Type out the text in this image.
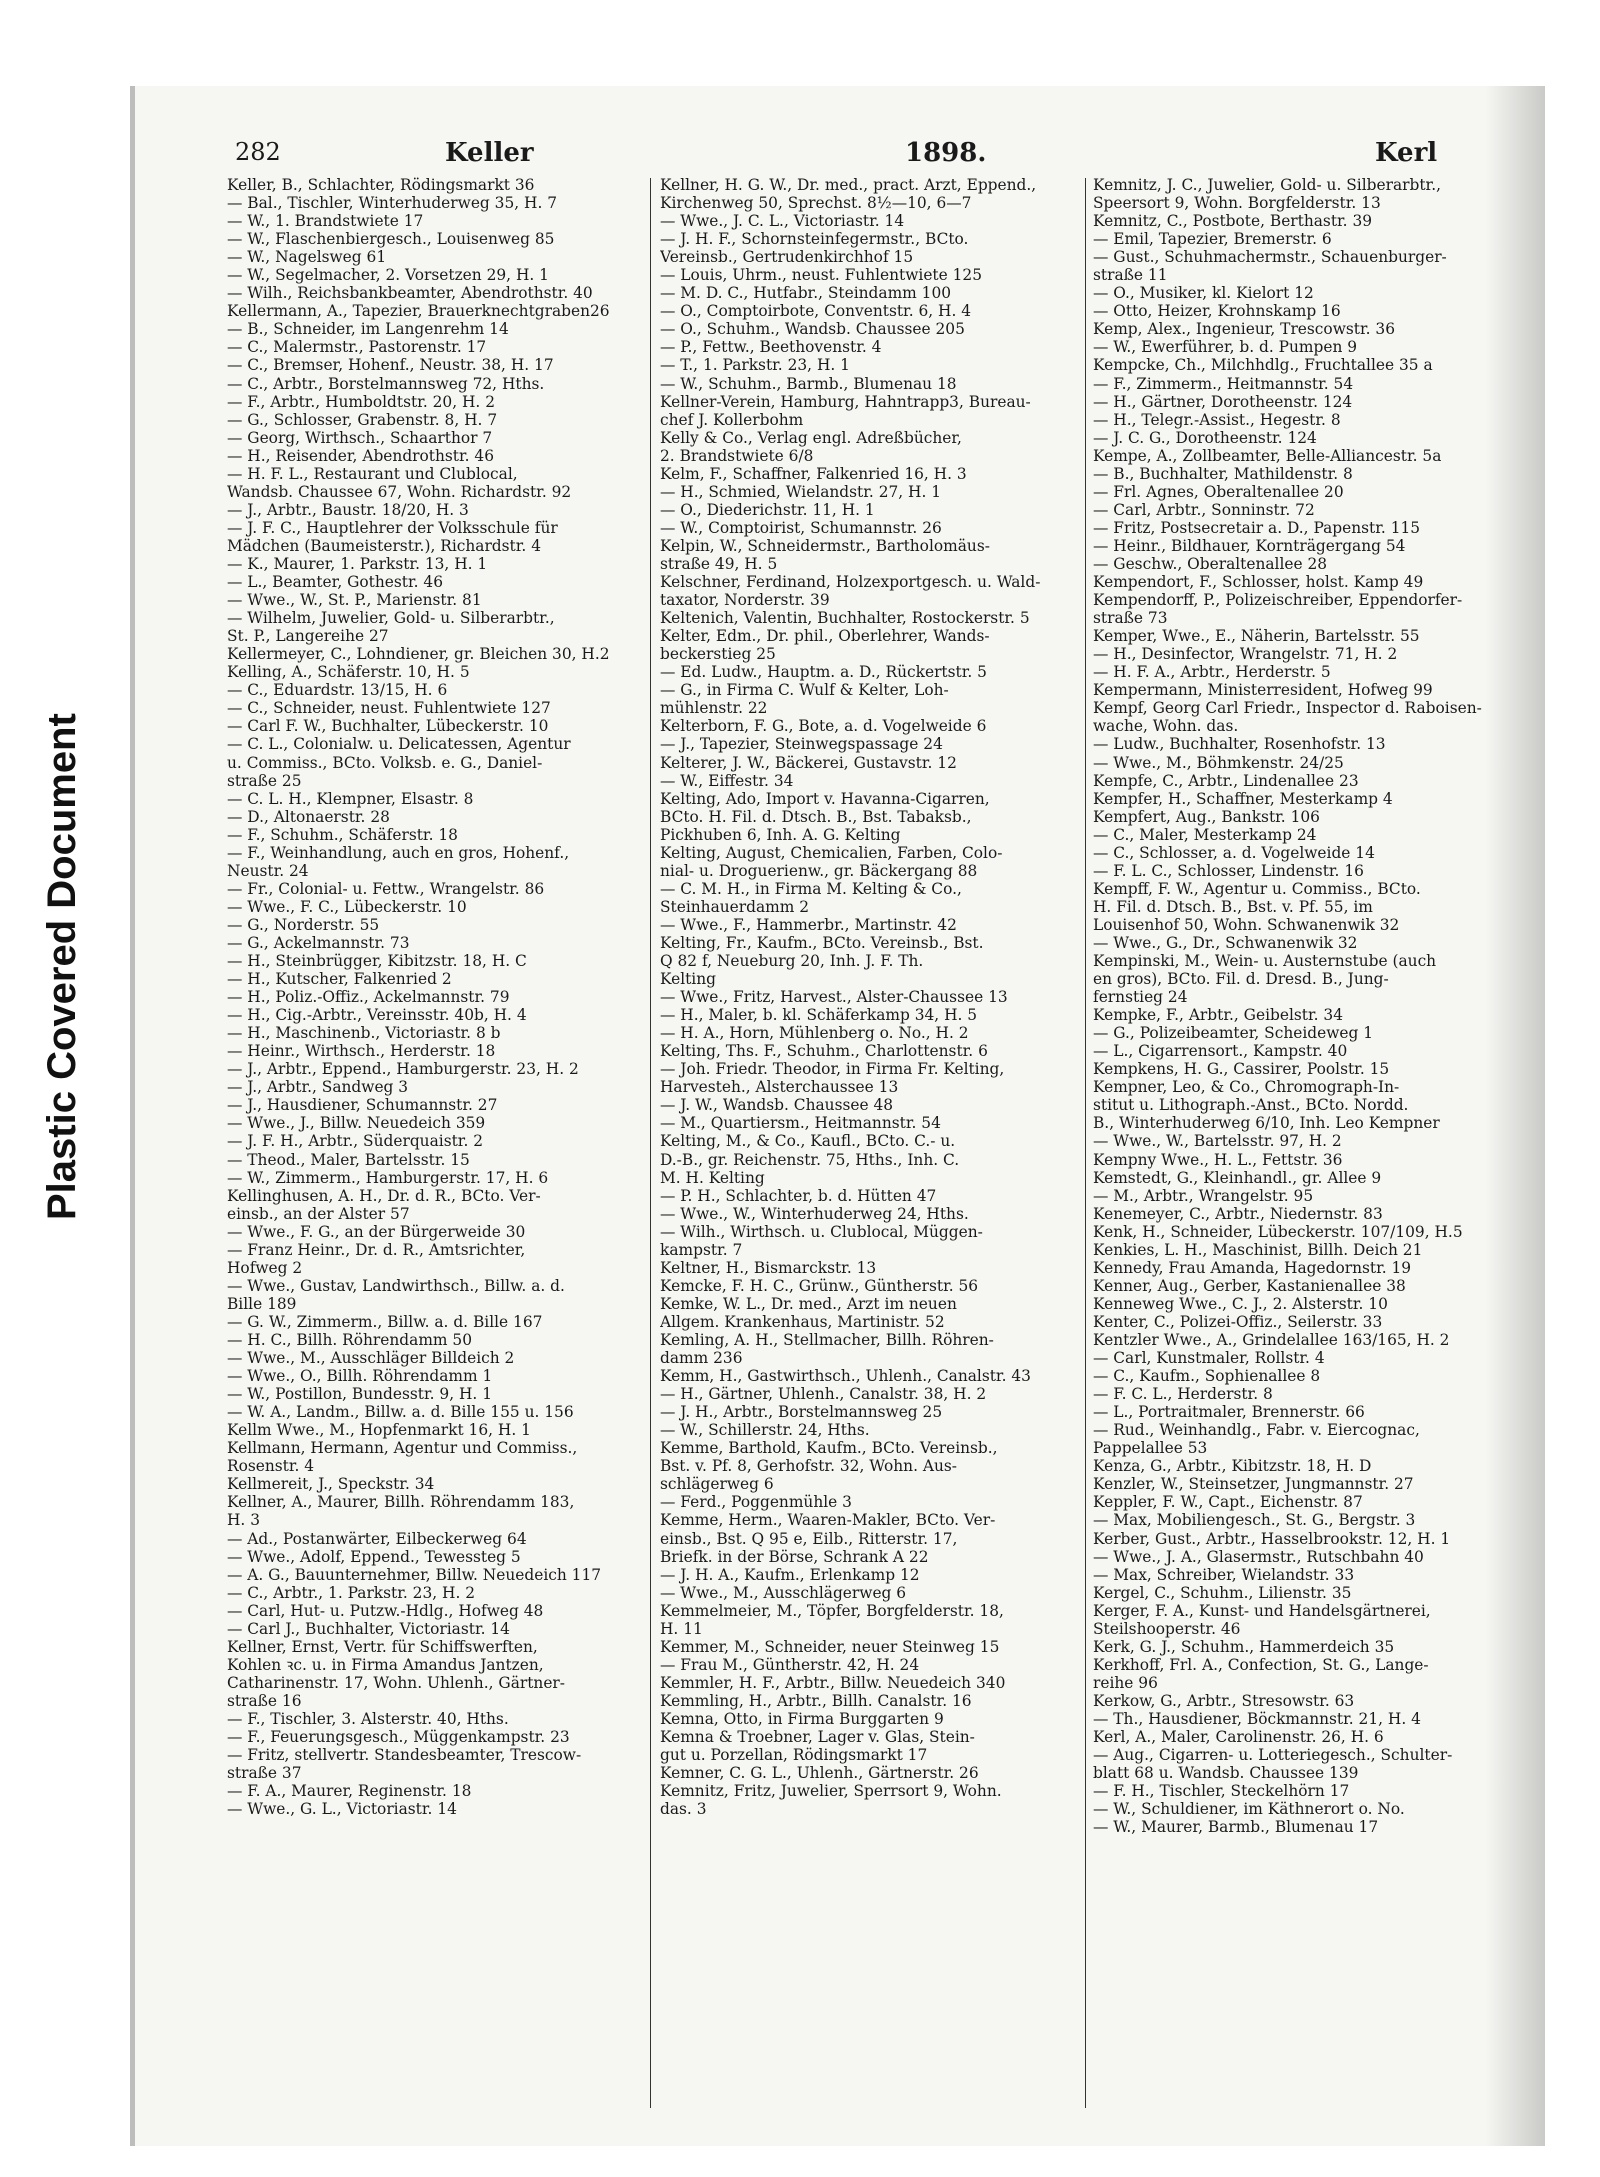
Plastic Covered Document
282	Keller	1898.	Kerl
Keller, B., Schlachter, Rödingsmarkt 36
— Bal., Tischler, Winterhuderweg 35, H. 7
— W., 1. Brandstwiete 17
— W., Flaschenbiergesch., Louisenweg 85
— W., Nagelsweg 61
— W., Segelmacher, 2. Vorsetzen 29, H. 1
— Wilh., Reichsbankbeamter, Abendrothstr. 40
Kellermann, A., Tapezier, Brauerknechtgraben26
— B., Schneider, im Langenrehm 14
— C., Malermstr., Pastorenstr. 17
— C., Bremser, Hohenf., Neustr. 38, H. 17
— C., Arbtr., Borstelmannsweg 72, Hths.
— F., Arbtr., Humboldtstr. 20, H. 2
— G., Schlosser, Grabenstr. 8, H. 7
— Georg, Wirthsch., Schaarthor 7
— H., Reisender, Abendrothstr. 46
— H. F. L., Restaurant und Clublocal,
Wandsb. Chaussee 67, Wohn. Richardstr. 92
— J., Arbtr., Baustr. 18/20, H. 3
— J. F. C., Hauptlehrer der Volksschule für
Mädchen (Baumeisterstr.), Richardstr. 4
— K., Maurer, 1. Parkstr. 13, H. 1
— L., Beamter, Gothestr. 46
— Wwe., W., St. P., Marienstr. 81
— Wilhelm, Juwelier, Gold- u. Silberarbtr.,
St. P., Langereihe 27
Kellermeyer, C., Lohndiener, gr. Bleichen 30, H.2
Kelling, A., Schäferstr. 10, H. 5
— C., Eduardstr. 13/15, H. 6
— C., Schneider, neust. Fuhlentwiete 127
— Carl F. W., Buchhalter, Lübeckerstr. 10
— C. L., Colonialw. u. Delicatessen, Agentur
u. Commiss., BCto. Volksb. e. G., Daniel-
straße 25
— C. L. H., Klempner, Elsastr. 8
— D., Altonaerstr. 28
— F., Schuhm., Schäferstr. 18
— F., Weinhandlung, auch en gros, Hohenf.,
Neustr. 24
— Fr., Colonial- u. Fettw., Wrangelstr. 86
— Wwe., F. C., Lübeckerstr. 10
— G., Norderstr. 55
— G., Ackelmannstr. 73
— H., Steinbrügger, Kibitzstr. 18, H. C
— H., Kutscher, Falkenried 2
— H., Poliz.-Offiz., Ackelmannstr. 79
— H., Cig.-Arbtr., Vereinsstr. 40b, H. 4
— H., Maschinenb., Victoriastr. 8 b
— Heinr., Wirthsch., Herderstr. 18
— J., Arbtr., Eppend., Hamburgerstr. 23, H. 2
— J., Arbtr., Sandweg 3
— J., Hausdiener, Schumannstr. 27
— Wwe., J., Billw. Neuedeich 359
— J. F. H., Arbtr., Süderquaistr. 2
— Theod., Maler, Bartelsstr. 15
— W., Zimmerm., Hamburgerstr. 17, H. 6
Kellinghusen, A. H., Dr. d. R., BCto. Ver-
einsb., an der Alster 57
— Wwe., F. G., an der Bürgerweide 30
— Franz Heinr., Dr. d. R., Amtsrichter,
Hofweg 2
— Wwe., Gustav, Landwirthsch., Billw. a. d.
Bille 189
— G. W., Zimmerm., Billw. a. d. Bille 167
— H. C., Billh. Röhrendamm 50
— Wwe., M., Ausschläger Billdeich 2
— Wwe., O., Billh. Röhrendamm 1
— W., Postillon, Bundesstr. 9, H. 1
— W. A., Landm., Billw. a. d. Bille 155 u. 156
Kellm Wwe., M., Hopfenmarkt 16, H. 1
Kellmann, Hermann, Agentur und Commiss.,
Rosenstr. 4
Kellmereit, J., Speckstr. 34
Kellner, A., Maurer, Billh. Röhrendamm 183,
H. 3
— Ad., Postanwärter, Eilbeckerweg 64
— Wwe., Adolf, Eppend., Tewessteg 5
— A. G., Bauunternehmer, Billw. Neuedeich 117
— C., Arbtr., 1. Parkstr. 23, H. 2
— Carl, Hut- u. Putzw.-Hdlg., Hofweg 48
— Carl J., Buchhalter, Victoriastr. 14
Kellner, Ernst, Vertr. für Schiffswerften,
Kohlen ꝛc. u. in Firma Amandus Jantzen,
Catharinenstr. 17, Wohn. Uhlenh., Gärtner-
straße 16
— F., Tischler, 3. Alsterstr. 40, Hths.
— F., Feuerungsgesch., Müggenkampstr. 23
— Fritz, stellvertr. Standesbeamter, Trescow-
straße 37
— F. A., Maurer, Reginenstr. 18
— Wwe., G. L., Victoriastr. 14
Kellner, H. G. W., Dr. med., pract. Arzt, Eppend.,
Kirchenweg 50, Sprechst. 8½—10, 6—7
— Wwe., J. C. L., Victoriastr. 14
— J. H. F., Schornsteinfegermstr., BCto.
Vereinsb., Gertrudenkirchhof 15
— Louis, Uhrm., neust. Fuhlentwiete 125
— M. D. C., Hutfabr., Steindamm 100
— O., Comptoirbote, Conventstr. 6, H. 4
— O., Schuhm., Wandsb. Chaussee 205
— P., Fettw., Beethovenstr. 4
— T., 1. Parkstr. 23, H. 1
— W., Schuhm., Barmb., Blumenau 18
Kellner-Verein, Hamburg, Hahntrapp3, Bureau-
chef J. Kollerbohm
Kelly & Co., Verlag engl. Adreßbücher,
2. Brandstwiete 6/8
Kelm, F., Schaffner, Falkenried 16, H. 3
— H., Schmied, Wielandstr. 27, H. 1
— O., Diederichstr. 11, H. 1
— W., Comptoirist, Schumannstr. 26
Kelpin, W., Schneidermstr., Bartholomäus-
straße 49, H. 5
Kelschner, Ferdinand, Holzexportgesch. u. Wald-
taxator, Norderstr. 39
Keltenich, Valentin, Buchhalter, Rostockerstr. 5
Kelter, Edm., Dr. phil., Oberlehrer, Wands-
beckerstieg 25
— Ed. Ludw., Hauptm. a. D., Rückertstr. 5
— G., in Firma C. Wulf & Kelter, Loh-
mühlenstr. 22
Kelterborn, F. G., Bote, a. d. Vogelweide 6
— J., Tapezier, Steinwegspassage 24
Kelterer, J. W., Bäckerei, Gustavstr. 12
— W., Eiffestr. 34
Kelting, Ado, Import v. Havanna-Cigarren,
BCto. H. Fil. d. Dtsch. B., Bst. Tabaksb.,
Pickhuben 6, Inh. A. G. Kelting
Kelting, August, Chemicalien, Farben, Colo-
nial- u. Droguerienw., gr. Bäckergang 88
— C. M. H., in Firma M. Kelting & Co.,
Steinhauerdamm 2
— Wwe., F., Hammerbr., Martinstr. 42
Kelting, Fr., Kaufm., BCto. Vereinsb., Bst.
Q 82 f, Neueburg 20, Inh. J. F. Th.
Kelting
— Wwe., Fritz, Harvest., Alster-Chaussee 13
— H., Maler, b. kl. Schäferkamp 34, H. 5
— H. A., Horn, Mühlenberg o. No., H. 2
Kelting, Ths. F., Schuhm., Charlottenstr. 6
— Joh. Friedr. Theodor, in Firma Fr. Kelting,
Harvesteh., Alsterchaussee 13
— J. W., Wandsb. Chaussee 48
— M., Quartiersm., Heitmannstr. 54
Kelting, M., & Co., Kaufl., BCto. C.- u.
D.-B., gr. Reichenstr. 75, Hths., Inh. C.
M. H. Kelting
— P. H., Schlachter, b. d. Hütten 47
— Wwe., W., Winterhuderweg 24, Hths.
— Wilh., Wirthsch. u. Clublocal, Müggen-
kampstr. 7
Keltner, H., Bismarckstr. 13
Kemcke, F. H. C., Grünw., Güntherstr. 56
Kemke, W. L., Dr. med., Arzt im neuen
Allgem. Krankenhaus, Martinistr. 52
Kemling, A. H., Stellmacher, Billh. Röhren-
damm 236
Kemm, H., Gastwirthsch., Uhlenh., Canalstr. 43
— H., Gärtner, Uhlenh., Canalstr. 38, H. 2
— J. H., Arbtr., Borstelmannsweg 25
— W., Schillerstr. 24, Hths.
Kemme, Barthold, Kaufm., BCto. Vereinsb.,
Bst. v. Pf. 8, Gerhofstr. 32, Wohn. Aus-
schlägerweg 6
— Ferd., Poggenmühle 3
Kemme, Herm., Waaren-Makler, BCto. Ver-
einsb., Bst. Q 95 e, Eilb., Ritterstr. 17,
Briefk. in der Börse, Schrank A 22
— J. H. A., Kaufm., Erlenkamp 12
— Wwe., M., Ausschlägerweg 6
Kemmelmeier, M., Töpfer, Borgfelderstr. 18,
H. 11
Kemmer, M., Schneider, neuer Steinweg 15
— Frau M., Güntherstr. 42, H. 24
Kemmler, H. F., Arbtr., Billw. Neuedeich 340
Kemmling, H., Arbtr., Billh. Canalstr. 16
Kemna, Otto, in Firma Burggarten 9
Kemna & Troebner, Lager v. Glas, Stein-
gut u. Porzellan, Rödingsmarkt 17
Kemner, C. G. L., Uhlenh., Gärtnerstr. 26
Kemnitz, Fritz, Juwelier, Sperrsort 9, Wohn.
das. 3
Kemnitz, J. C., Juwelier, Gold- u. Silberarbtr.,
Speersort 9, Wohn. Borgfelderstr. 13
Kemnitz, C., Postbote, Berthastr. 39
— Emil, Tapezier, Bremerstr. 6
— Gust., Schuhmachermstr., Schauenburger-
straße 11
— O., Musiker, kl. Kielort 12
— Otto, Heizer, Krohnskamp 16
Kemp, Alex., Ingenieur, Trescowstr. 36
— W., Ewerführer, b. d. Pumpen 9
Kempcke, Ch., Milchhdlg., Fruchtallee 35 a
— F., Zimmerm., Heitmannstr. 54
— H., Gärtner, Dorotheenstr. 124
— H., Telegr.-Assist., Hegestr. 8
— J. C. G., Dorotheenstr. 124
Kempe, A., Zollbeamter, Belle-Alliancestr. 5a
— B., Buchhalter, Mathildenstr. 8
— Frl. Agnes, Oberaltenallee 20
— Carl, Arbtr., Sonninstr. 72
— Fritz, Postsecretair a. D., Papenstr. 115
— Heinr., Bildhauer, Kornträgergang 54
— Geschw., Oberaltenallee 28
Kempendort, F., Schlosser, holst. Kamp 49
Kempendorff, P., Polizeischreiber, Eppendorfer-
straße 73
Kemper, Wwe., E., Näherin, Bartelsstr. 55
— H., Desinfector, Wrangelstr. 71, H. 2
— H. F. A., Arbtr., Herderstr. 5
Kempermann, Ministerresident, Hofweg 99
Kempf, Georg Carl Friedr., Inspector d. Raboisen-
wache, Wohn. das.
— Ludw., Buchhalter, Rosenhofstr. 13
— Wwe., M., Böhmkenstr. 24/25
Kempfe, C., Arbtr., Lindenallee 23
Kempfer, H., Schaffner, Mesterkamp 4
Kempfert, Aug., Bankstr. 106
— C., Maler, Mesterkamp 24
— C., Schlosser, a. d. Vogelweide 14
— F. L. C., Schlosser, Lindenstr. 16
Kempff, F. W., Agentur u. Commiss., BCto.
H. Fil. d. Dtsch. B., Bst. v. Pf. 55, im
Louisenhof 50, Wohn. Schwanenwik 32
— Wwe., G., Dr., Schwanenwik 32
Kempinski, M., Wein- u. Austernstube (auch
en gros), BCto. Fil. d. Dresd. B., Jung-
fernstieg 24
Kempke, F., Arbtr., Geibelstr. 34
— G., Polizeibeamter, Scheideweg 1
— L., Cigarrensort., Kampstr. 40
Kempkens, H. G., Cassirer, Poolstr. 15
Kempner, Leo, & Co., Chromograph-In-
stitut u. Lithograph.-Anst., BCto. Nordd.
B., Winterhuderweg 6/10, Inh. Leo Kempner
— Wwe., W., Bartelsstr. 97, H. 2
Kempny Wwe., H. L., Fettstr. 36
Kemstedt, G., Kleinhandl., gr. Allee 9
— M., Arbtr., Wrangelstr. 95
Kenemeyer, C., Arbtr., Niedernstr. 83
Kenk, H., Schneider, Lübeckerstr. 107/109, H.5
Kenkies, L. H., Maschinist, Billh. Deich 21
Kennedy, Frau Amanda, Hagedornstr. 19
Kenner, Aug., Gerber, Kastanienallee 38
Kenneweg Wwe., C. J., 2. Alsterstr. 10
Kenter, C., Polizei-Offiz., Seilerstr. 33
Kentzler Wwe., A., Grindelallee 163/165, H. 2
— Carl, Kunstmaler, Rollstr. 4
— C., Kaufm., Sophienallee 8
— F. C. L., Herderstr. 8
— L., Portraitmaler, Brennerstr. 66
— Rud., Weinhandlg., Fabr. v. Eiercognac,
Pappelallee 53
Kenza, G., Arbtr., Kibitzstr. 18, H. D
Kenzler, W., Steinsetzer, Jungmannstr. 27
Keppler, F. W., Capt., Eichenstr. 87
— Max, Mobiliengesch., St. G., Bergstr. 3
Kerber, Gust., Arbtr., Hasselbrookstr. 12, H. 1
— Wwe., J. A., Glasermstr., Rutschbahn 40
— Max, Schreiber, Wielandstr. 33
Kergel, C., Schuhm., Lilienstr. 35
Kerger, F. A., Kunst- und Handelsgärtnerei,
Steilshooperstr. 46
Kerk, G. J., Schuhm., Hammerdeich 35
Kerkhoff, Frl. A., Confection, St. G., Lange-
reihe 96
Kerkow, G., Arbtr., Stresowstr. 63
— Th., Hausdiener, Böckmannstr. 21, H. 4
Kerl, A., Maler, Carolinenstr. 26, H. 6
— Aug., Cigarren- u. Lotteriegesch., Schulter-
blatt 68 u. Wandsb. Chaussee 139
— F. H., Tischler, Steckelhörn 17
— W., Schuldiener, im Käthnerort o. No.
— W., Maurer, Barmb., Blumenau 17
